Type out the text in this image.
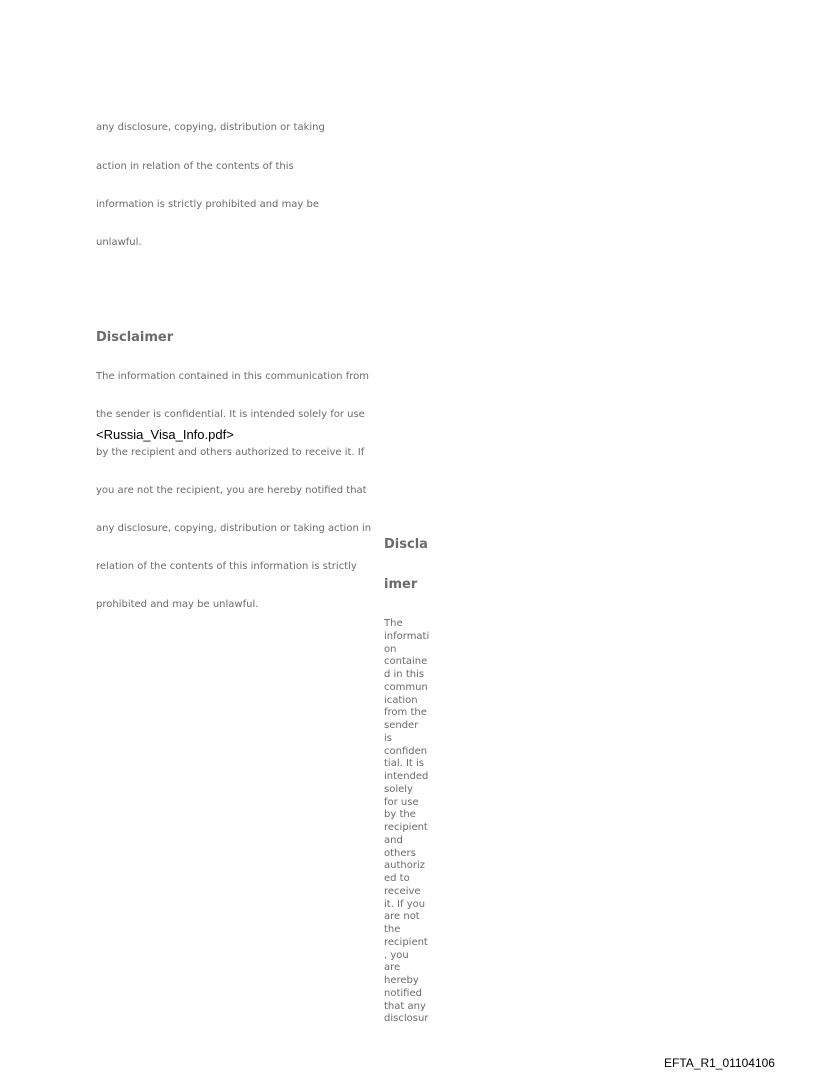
any disclosure, copying, distribution or taking

action in relation of the contents of this

information is strictly prohibited and may be

unlawful.

Disclaimer

The information contained in this communication from

the sender is confidential. It is intended solely for use

by the recipient and others authorized to receive it. If

you are not the recipient, you are hereby notified that

any disclosure, copying, distribution or taking action in

relation of the contents of this information is strictly

prohibited and may be unlawful.

<Russia_Visa_Info.pdf>

Discla

imer

The
informati
on
containe
d in this
commun
ication
from the
sender
is
confiden
tial. It is
intended
solely
for use
by the
recipient
and
others
authoriz
ed to
receive
it. If you
are not
the
recipient
, you
are
hereby
notified
that any
disclosur

EFTA_R1_01104106
